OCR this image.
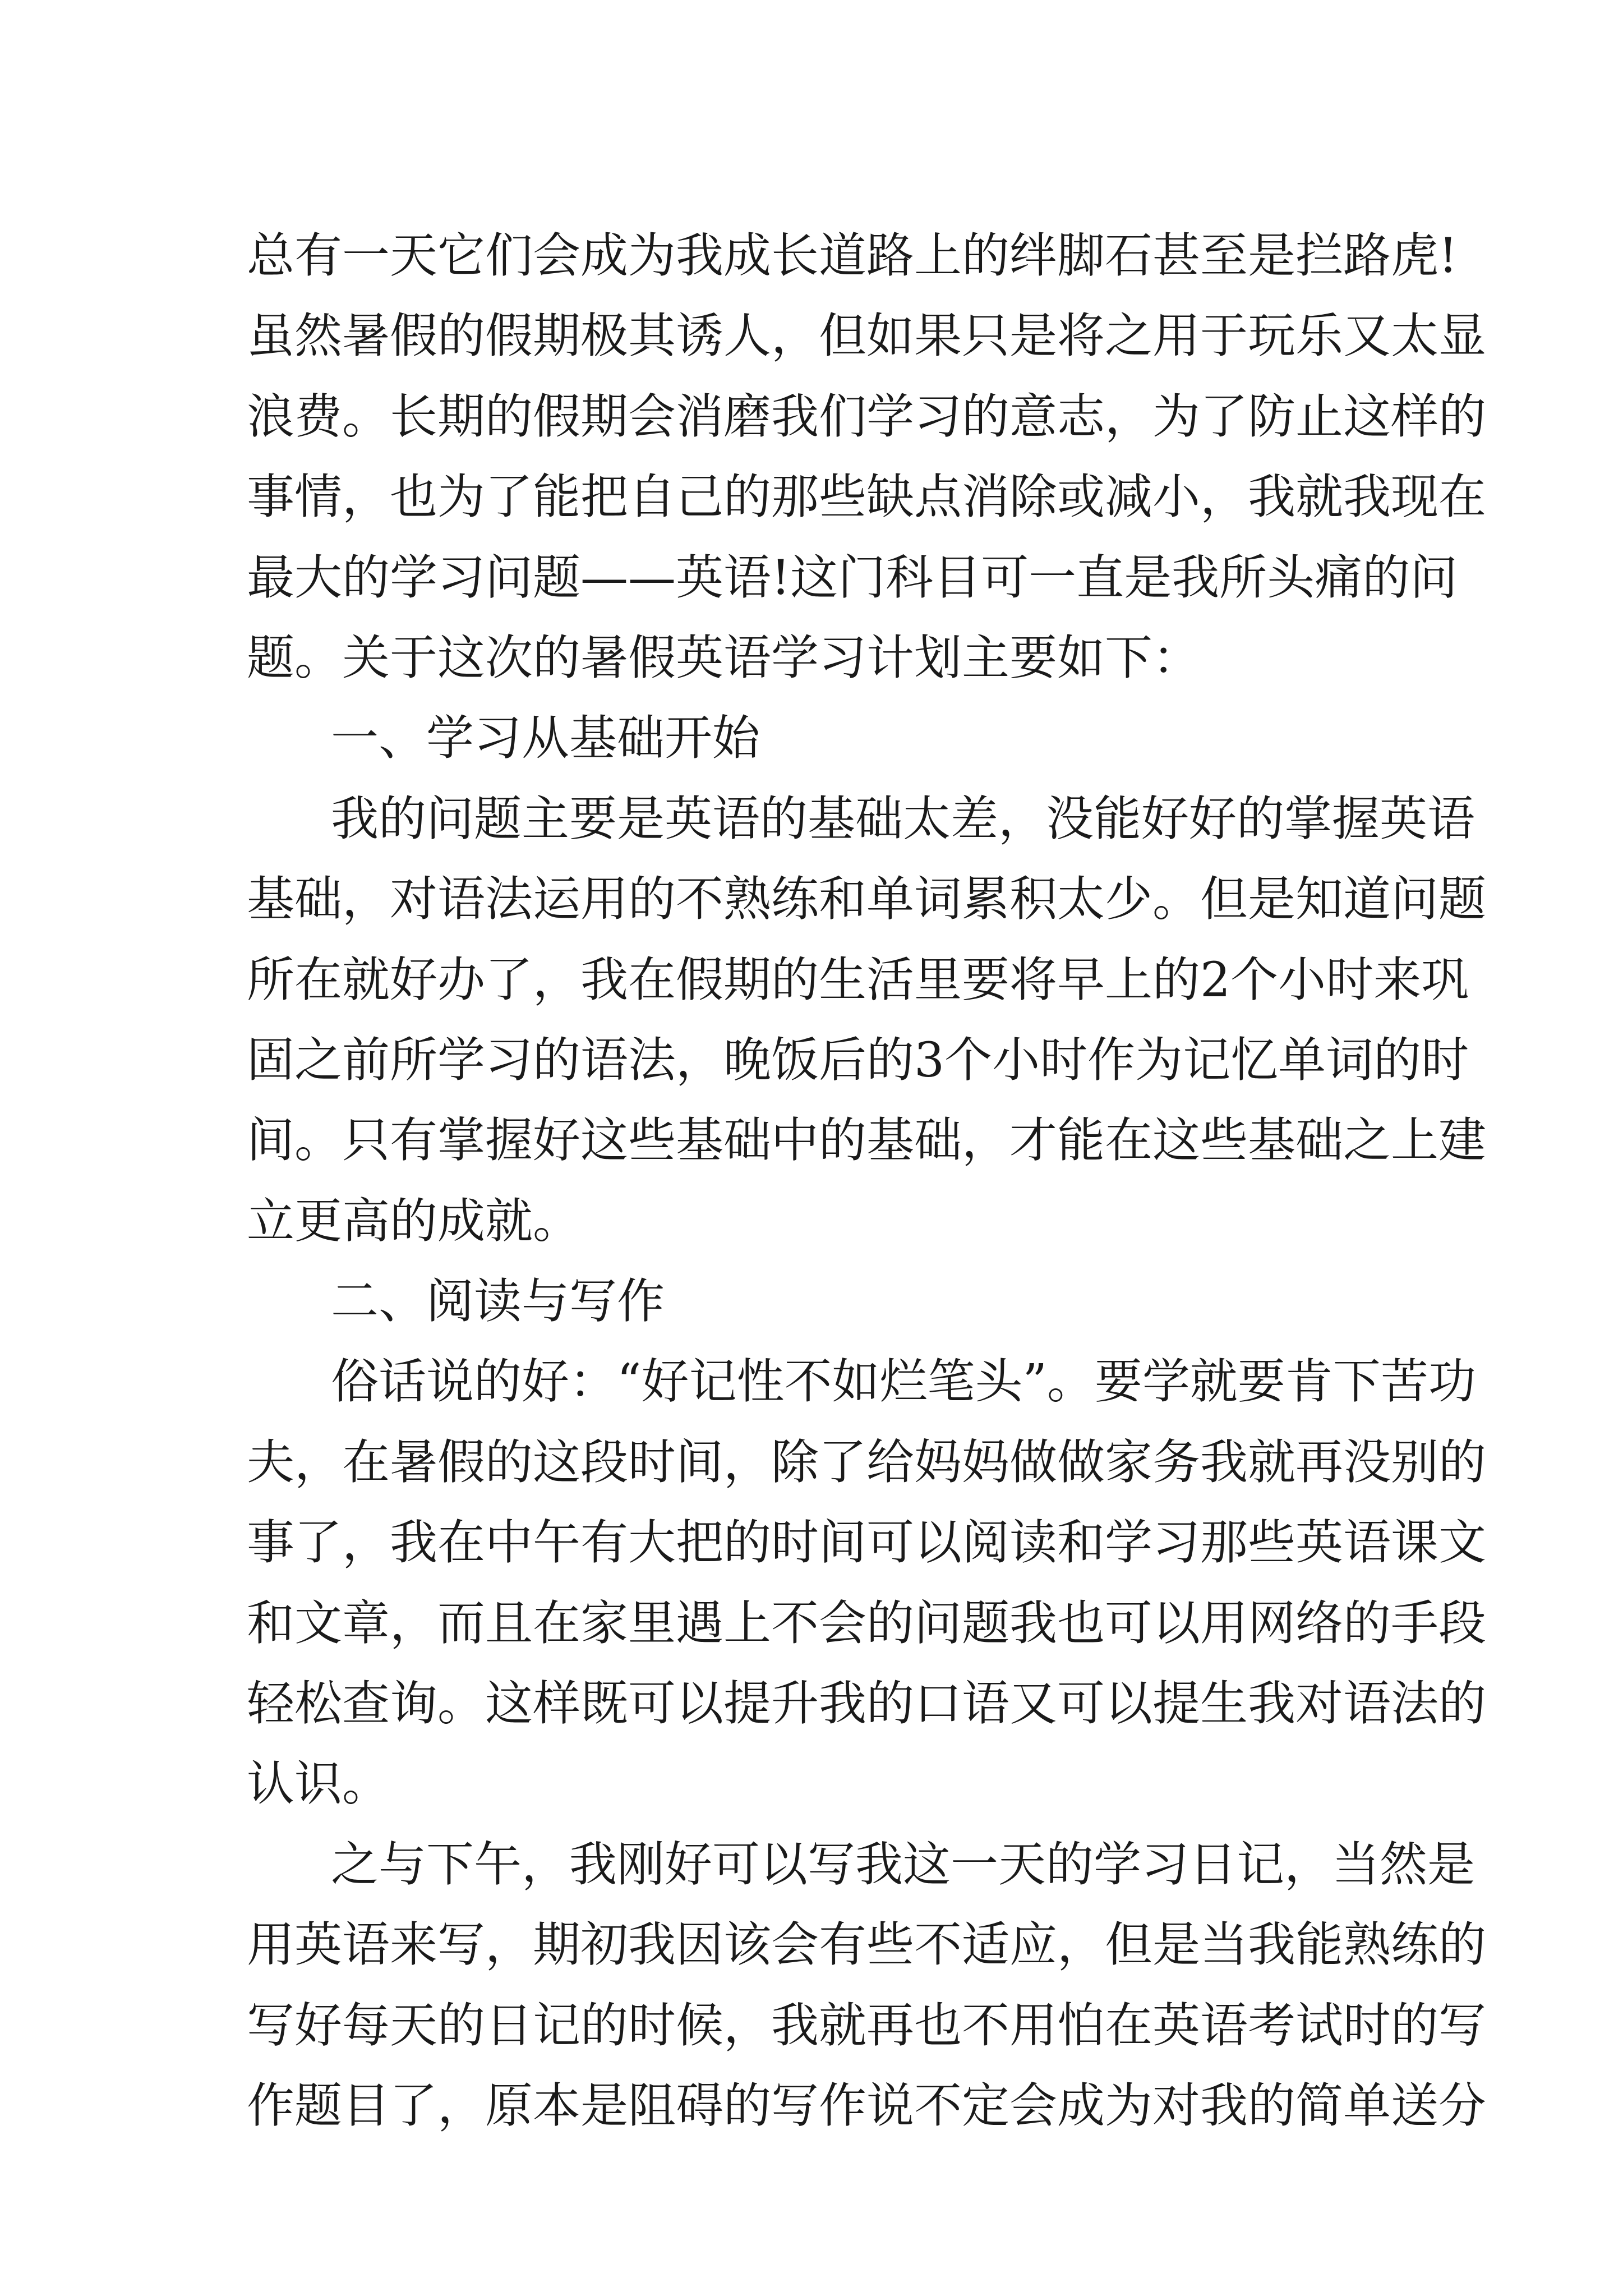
总有一天它们会成为我成长道路上的绊脚石甚至是拦路虎!
虽然暑假的假期极其诱人，但如果只是将之用于玩乐又太显
浪费。长期的假期会消磨我们学习的意志，为了防止这样的
事情，也为了能把自己的那些缺点消除或减小，我就我现在
最大的学习问题——英语!这门科目可一直是我所头痛的问
题。关于这次的暑假英语学习计划主要如下：
一、学习从基础开始
我的问题主要是英语的基础太差，没能好好的掌握英语
基础，对语法运用的不熟练和单词累积太少。但是知道问题
所在就好办了，我在假期的生活里要将早上的2个小时来巩
固之前所学习的语法，晚饭后的3个小时作为记忆单词的时
间。只有掌握好这些基础中的基础，才能在这些基础之上建
立更高的成就。
二、阅读与写作
俗话说的好：“好记性不如烂笔头”。要学就要肯下苦功
夫，在暑假的这段时间，除了给妈妈做做家务我就再没别的
事了，我在中午有大把的时间可以阅读和学习那些英语课文
和文章，而且在家里遇上不会的问题我也可以用网络的手段
轻松查询。这样既可以提升我的口语又可以提生我对语法的
认识。
之与下午，我刚好可以写我这一天的学习日记，当然是
用英语来写，期初我因该会有些不适应，但是当我能熟练的
写好每天的日记的时候，我就再也不用怕在英语考试时的写
作题目了，原本是阻碍的写作说不定会成为对我的简单送分
